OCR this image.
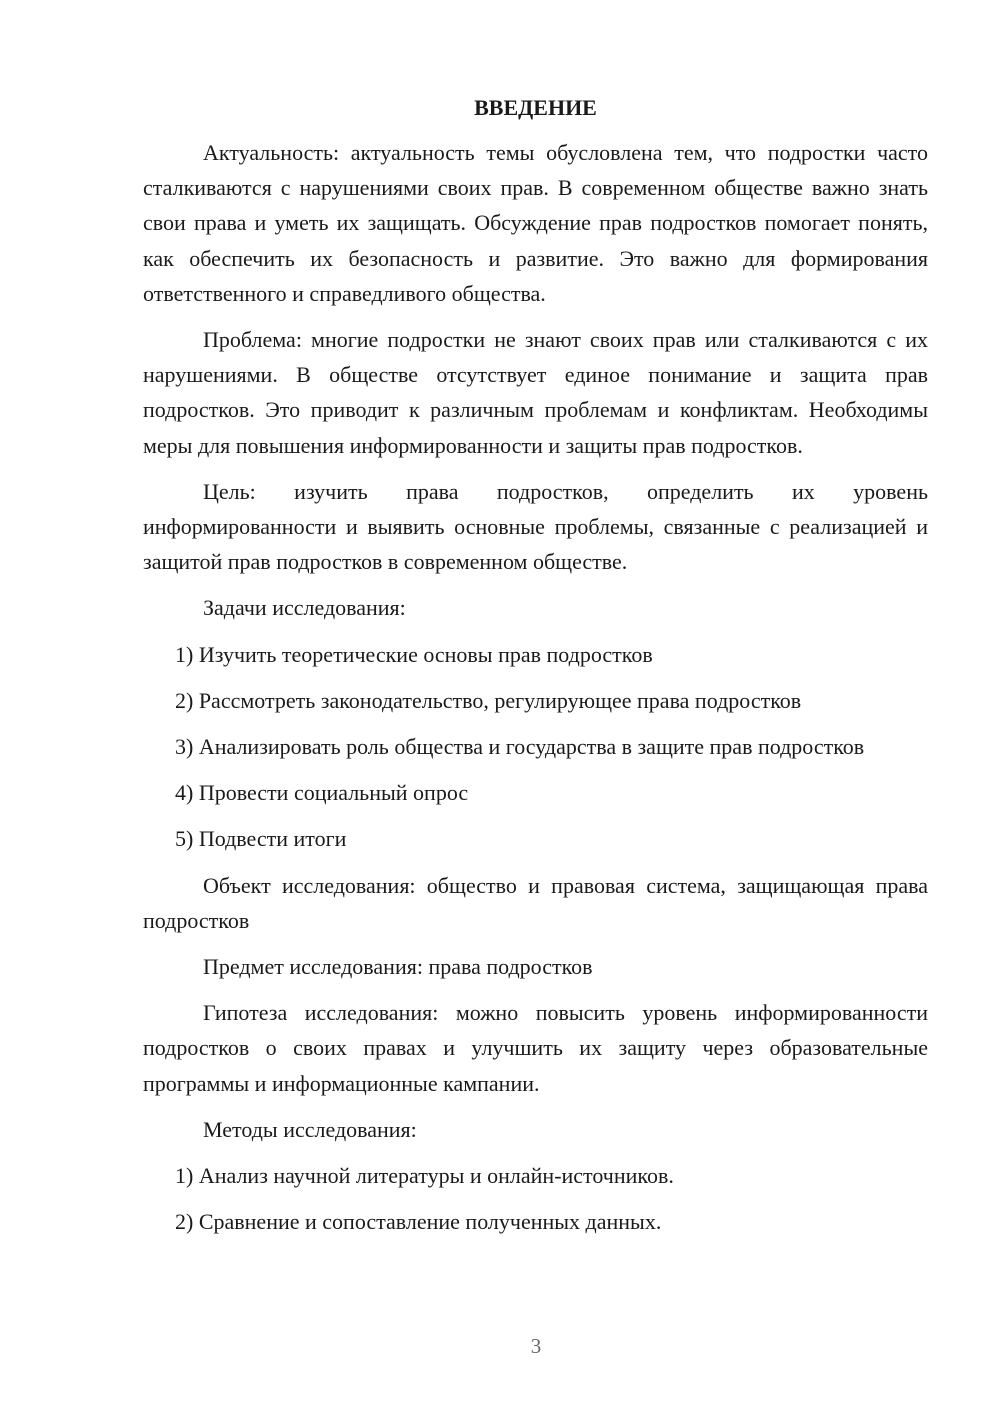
ВВЕДЕНИЕ

Актуальность: актуальность темы обусловлена тем, что подростки часто сталкиваются с нарушениями своих прав. В современном обществе важно знать свои права и уметь их защищать. Обсуждение прав подростков помогает понять, как обеспечить их безопасность и развитие. Это важно для формирования ответственного и справедливого общества.

Проблема: многие подростки не знают своих прав или сталкиваются с их нарушениями. В обществе отсутствует единое понимание и защита прав подростков. Это приводит к различным проблемам и конфликтам. Необходимы меры для повышения информированности и защиты прав подростков.

Цель: изучить права подростков, определить их уровень информированности и выявить основные проблемы, связанные с реализацией и защитой прав подростков в современном обществе.

Задачи исследования:

1) Изучить теоретические основы прав подростков

2) Рассмотреть законодательство, регулирующее права подростков

3) Анализировать роль общества и государства в защите прав подростков

4) Провести социальный опрос

5) Подвести итоги

Объект исследования: общество и правовая система, защищающая права подростков

Предмет исследования: права подростков

Гипотеза исследования: можно повысить уровень информированности подростков о своих правах и улучшить их защиту через образовательные программы и информационные кампании.

Методы исследования:

1) Анализ научной литературы и онлайн-источников.

2) Сравнение и сопоставление полученных данных.

3
